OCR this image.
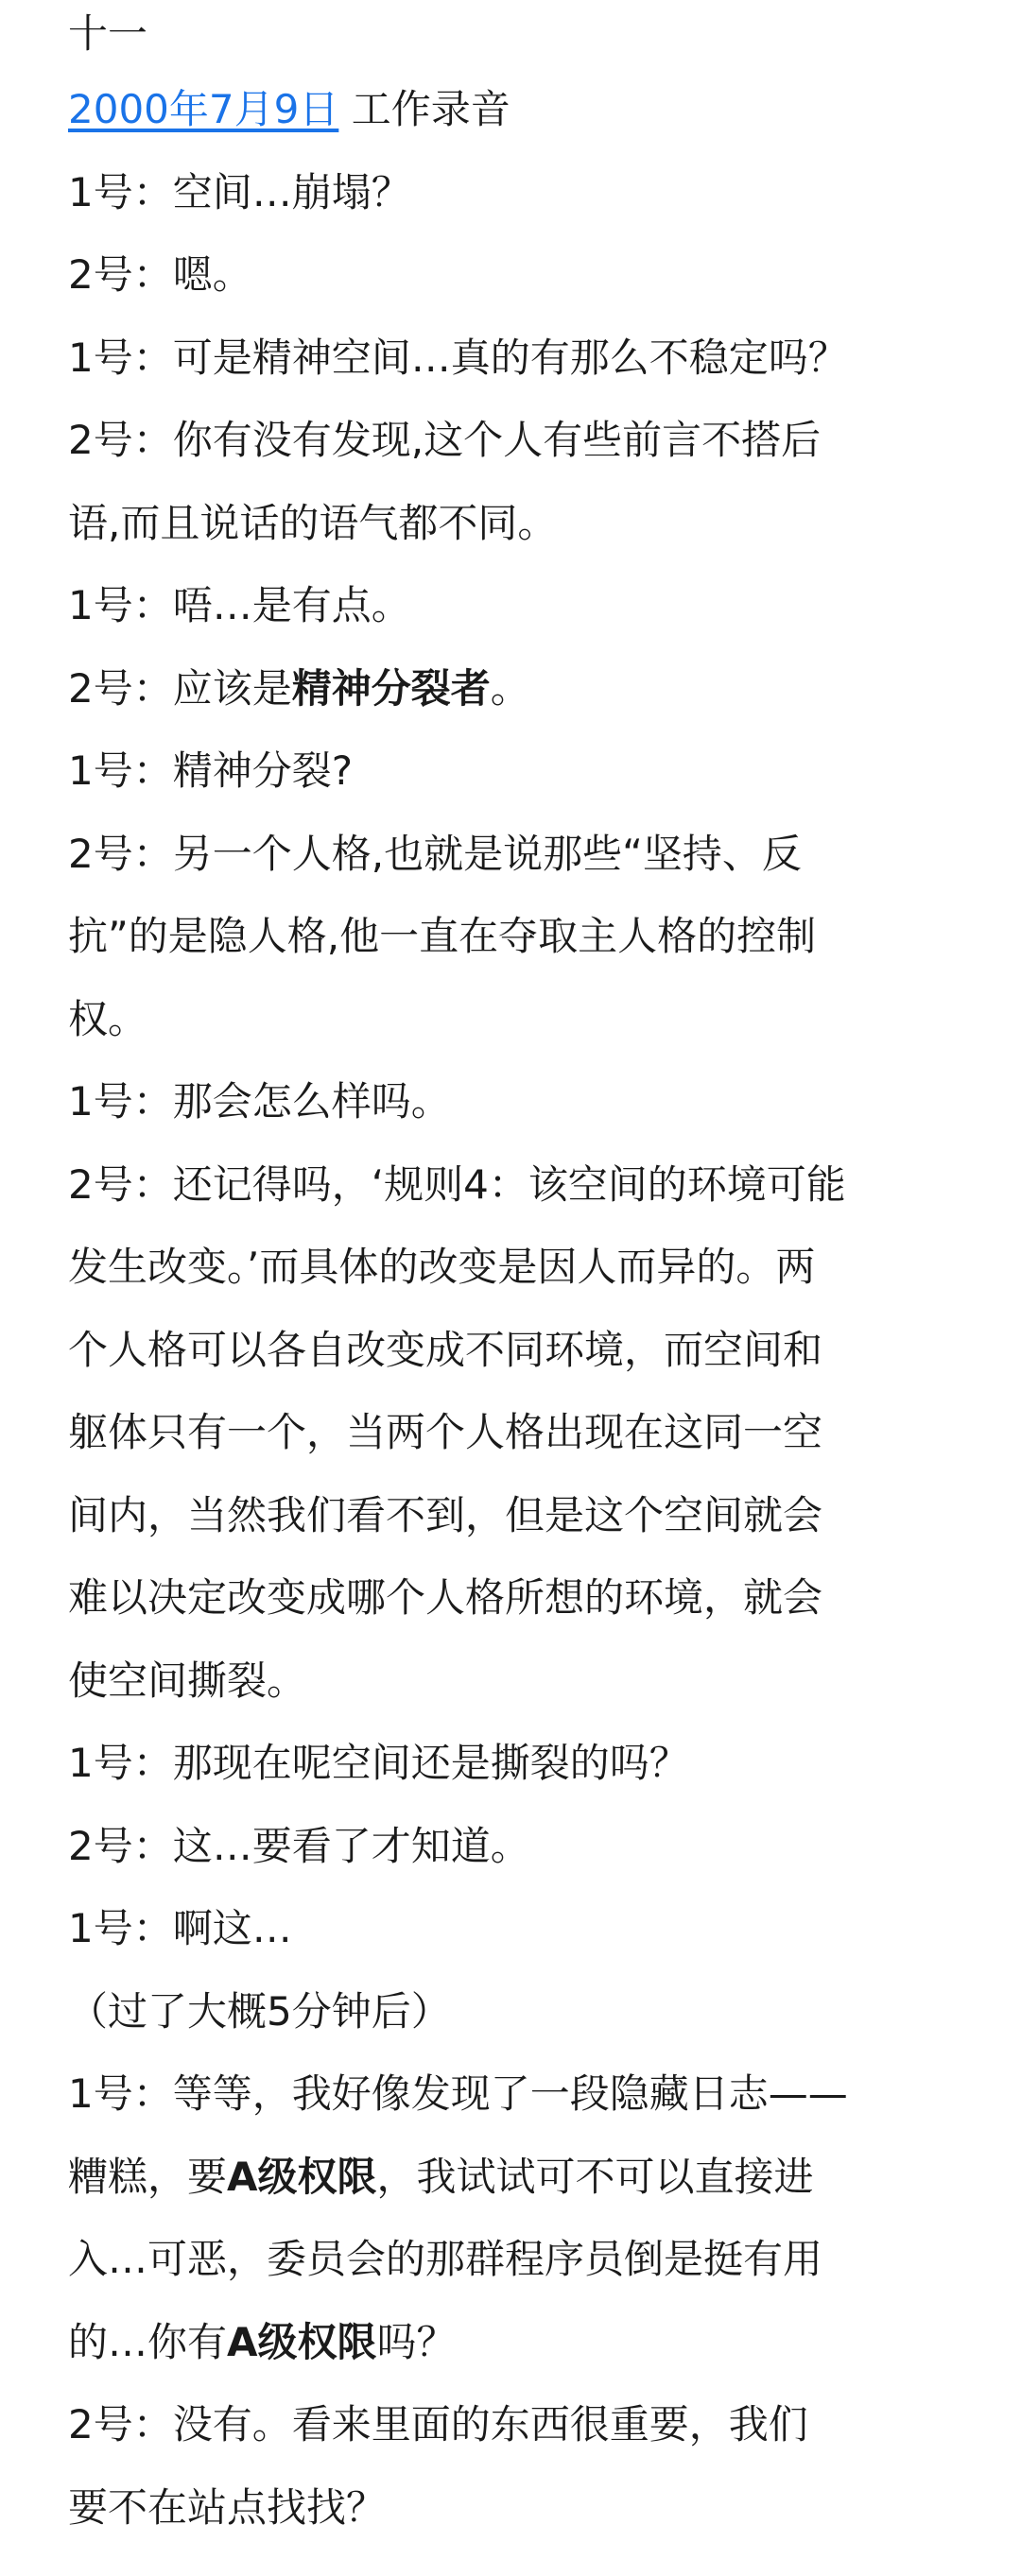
十一
2000年7月9日 工作录音
1号：空间…崩塌？
2号：嗯。
1号：可是精神空间…真的有那么不稳定吗？
2号：你有没有发现,这个人有些前言不搭后
语,而且说话的语气都不同。
1号：唔…是有点。
2号：应该是精神分裂者。
1号：精神分裂?
2号：另一个人格,也就是说那些“坚持、反
抗”的是隐人格,他一直在夺取主人格的控制
权。
1号：那会怎么样吗。
2号：还记得吗，‘规则4：该空间的环境可能
发生改变。’而具体的改变是因人而异的。两
个人格可以各自改变成不同环境，而空间和
躯体只有一个，当两个人格出现在这同一空
间内，当然我们看不到，但是这个空间就会
难以决定改变成哪个人格所想的环境，就会
使空间撕裂。
1号：那现在呢空间还是撕裂的吗？
2号：这…要看了才知道。
1号：啊这…
（过了大概5分钟后）
1号：等等，我好像发现了一段隐藏日志——
糟糕，要A级权限，我试试可不可以直接进
入…可恶，委员会的那群程序员倒是挺有用
的…你有A级权限吗？
2号：没有。看来里面的东西很重要，我们
要不在站点找找？
